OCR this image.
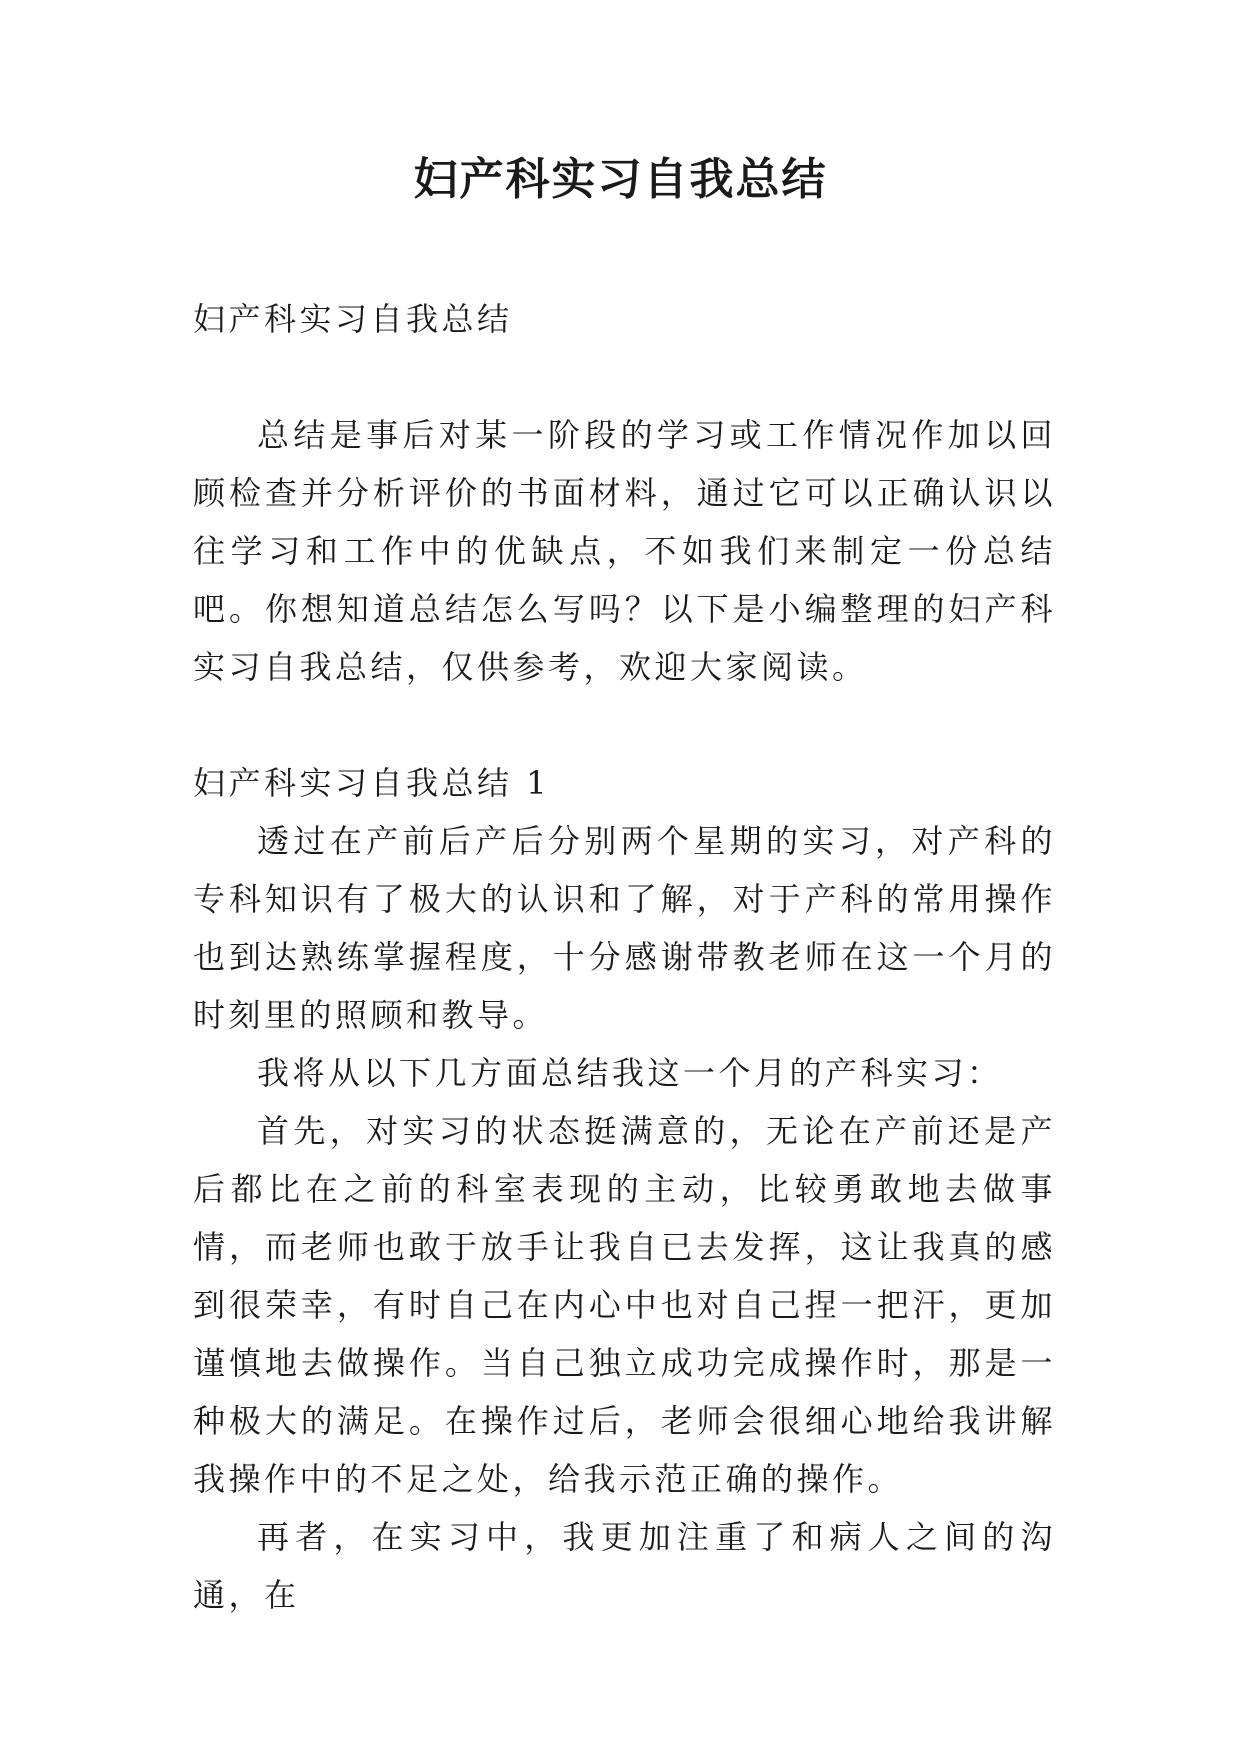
妇产科实习自我总结

妇产科实习自我总结

总结是事后对某一阶段的学习或工作情况作加以回顾检查并分析评价的书面材料，通过它可以正确认识以往学习和工作中的优缺点，不如我们来制定一份总结吧。你想知道总结怎么写吗？以下是小编整理的妇产科实习自我总结，仅供参考，欢迎大家阅读。

妇产科实习自我总结 1

透过在产前后产后分别两个星期的实习，对产科的专科知识有了极大的认识和了解，对于产科的常用操作也到达熟练掌握程度，十分感谢带教老师在这一个月的时刻里的照顾和教导。

我将从以下几方面总结我这一个月的产科实习：

首先，对实习的状态挺满意的，无论在产前还是产后都比在之前的科室表现的主动，比较勇敢地去做事情，而老师也敢于放手让我自已去发挥，这让我真的感到很荣幸，有时自己在内心中也对自己捏一把汗，更加谨慎地去做操作。当自己独立成功完成操作时，那是一种极大的满足。在操作过后，老师会很细心地给我讲解我操作中的不足之处，给我示范正确的操作。

再者，在实习中，我更加注重了和病人之间的沟通，在
